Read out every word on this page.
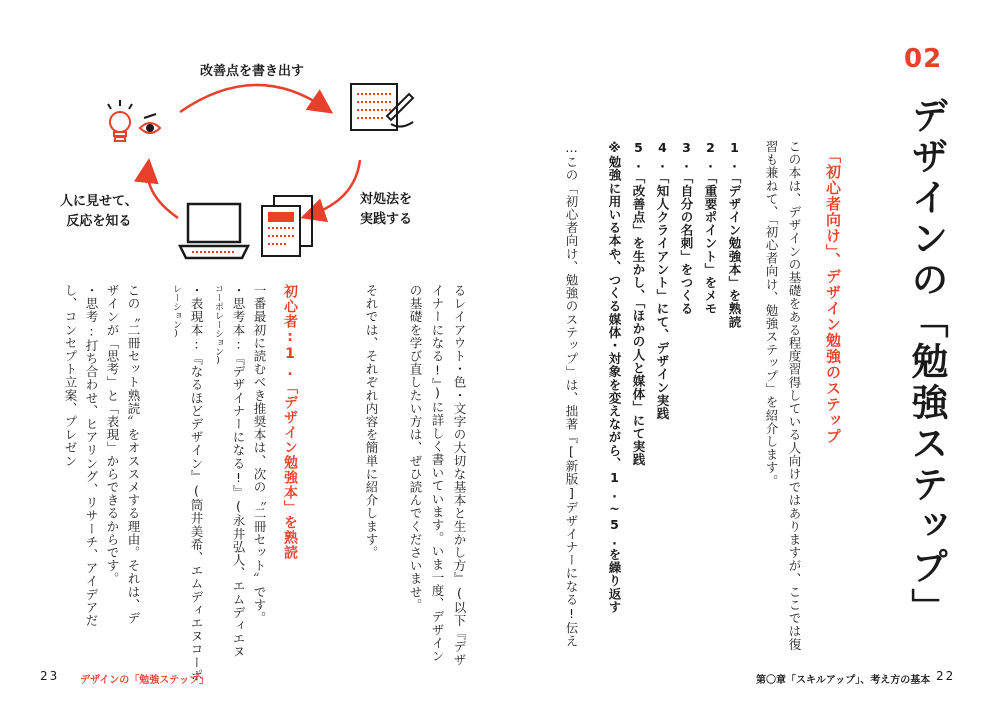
改善点を書き出す
対処法を
実践する
人に見せて、
反応を知る
02
デザインの「勉強ステップ」
この本は、デザインの基礎をある程度習得している人向けではありますが、ここでは復
習も兼ねて、「初心者向け、勉強ステップ」を紹介します。	「初心者向け」、デザイン勉強のステップ
1.「デザイン勉強本」を熟読
2.「重要ポイント」をメモ
3.「自分の名刺」をつくる
4.「知人クライアント」にて、デザイン実践
5.「改善点」を生かし、「ほかの人と媒体」にて実践
※勉強に用いる本や、つくる媒体・対象を変えながら、1.~5.を繰り返す
…この「初心者向け、勉強のステップ」は、拙著『[新版]デザイナーになる!伝え
るレイアウト・色・文字の大切な基本と生かし方』(以下『デザ
イナーになる!』)に詳しく書いています。いま一度、デザイン
の基礎を学び直したい方は、ぜひ読んでくださいませ。
それでは、それぞれ内容を簡単に紹介します。
初心者:1.「デザイン勉強本」を熟読
一番最初に読むべき推奨本は、次の〝二冊セット〟です。
・思考本:『デザイナーになる!』(永井弘人、エムディエヌ
コーポレーション)
・表現本:『なるほどデザイン』(筒井美希、エムディエヌコーポ
レーション)
この〝二冊セット熟読〟をオススメする理由。それは、デ
ザインが「思考」と「表現」からできるからです。
・思考:打ち合わせ、ヒアリング、リサーチ、アイデアだ
し、コンセプト立案、プレゼン
23 デザインの「勉強ステップ」	第〇章「スキルアップ」、考え方の基本 22
